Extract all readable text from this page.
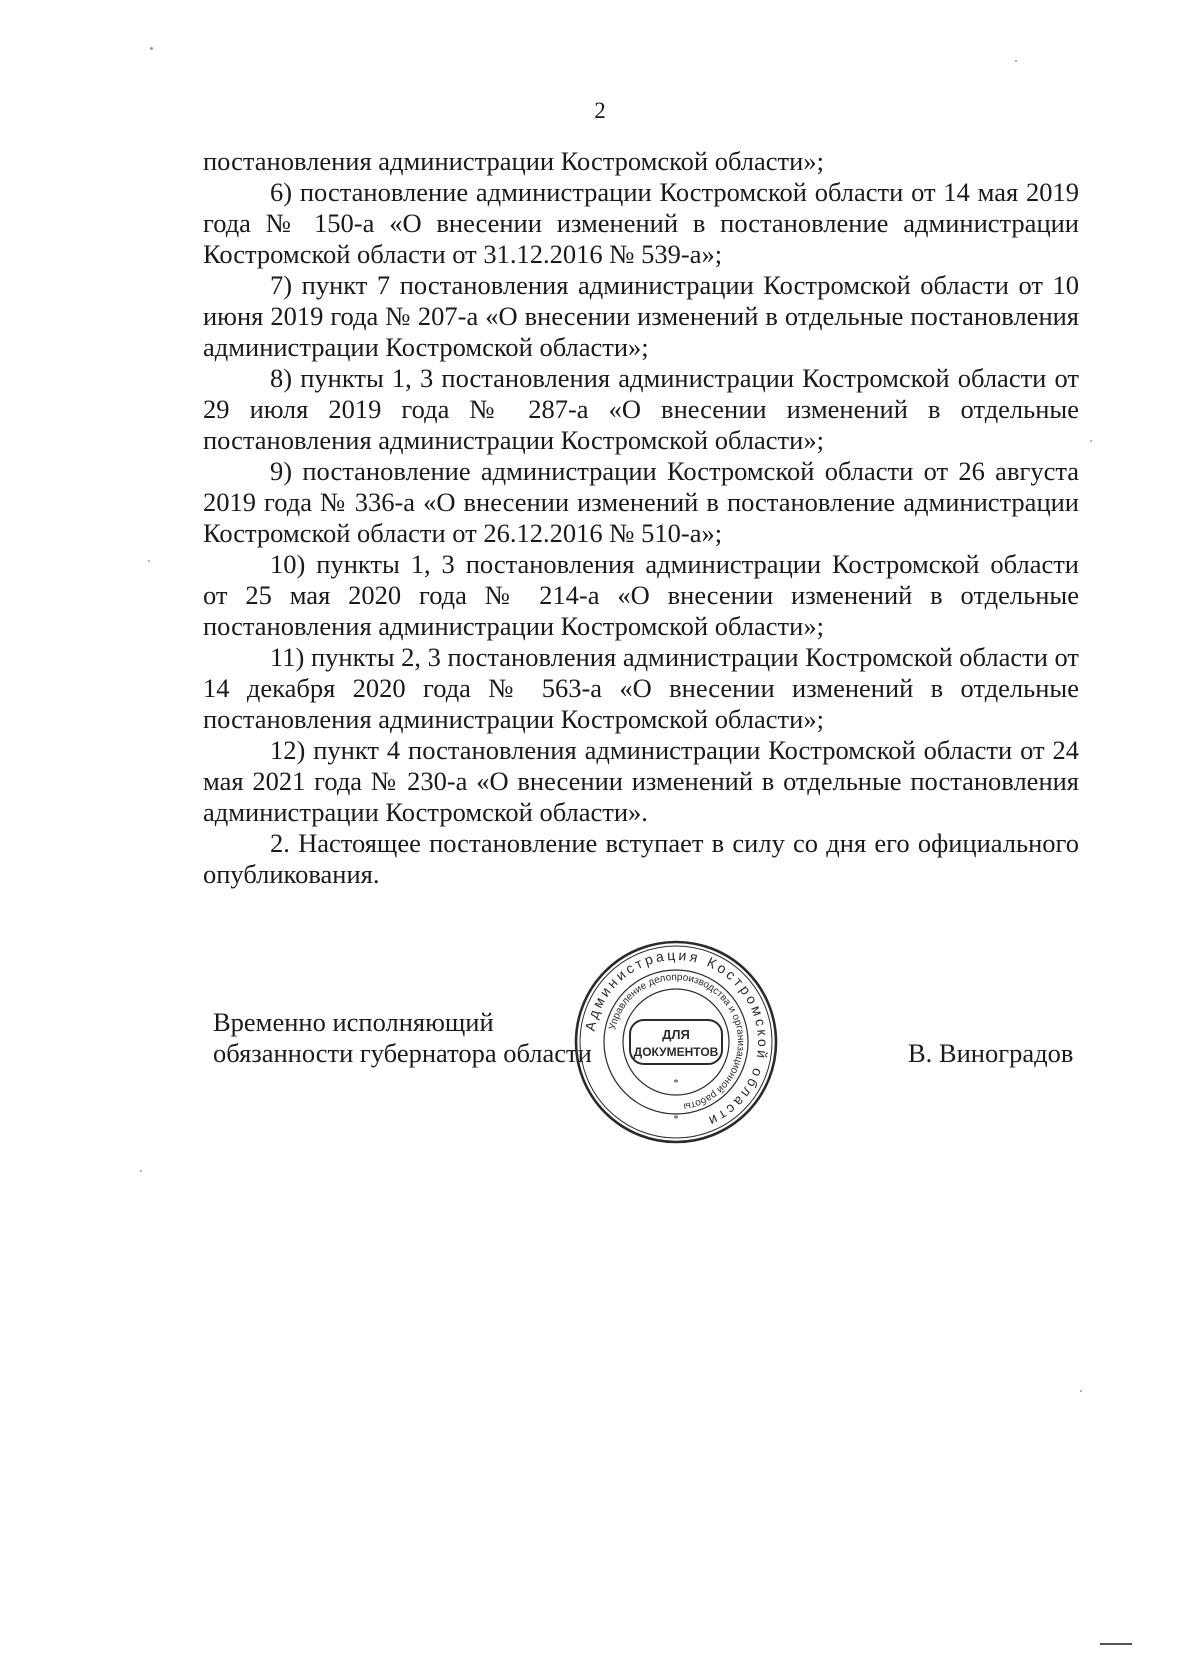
2

постановления администрации Костромской области»;

6) постановление администрации Костромской области от 14 мая 2019 года № 150-а «О внесении изменений в постановление администрации Костромской области от 31.12.2016 № 539-а»;

7) пункт 7 постановления администрации Костромской области от 10 июня 2019 года № 207-а «О внесении изменений в отдельные постановления администрации Костромской области»;

8) пункты 1, 3 постановления администрации Костромской области от 29 июля 2019 года № 287-а «О внесении изменений в отдельные постановления администрации Костромской области»;

9) постановление администрации Костромской области от 26 августа 2019 года № 336-а «О внесении изменений в постановление администрации Костромской области от 26.12.2016 № 510-а»;

10) пункты 1, 3 постановления администрации Костромской области от 25 мая 2020 года № 214-а «О внесении изменений в отдельные постановления администрации Костромской области»;

11) пункты 2, 3 постановления администрации Костромской области от 14 декабря 2020 года № 563-а «О внесении изменений в отдельные постановления администрации Костромской области»;

12) пункт 4 постановления администрации Костромской области от 24 мая 2021 года № 230-а «О внесении изменений в отдельные постановления администрации Костромской области».

2. Настоящее постановление вступает в силу со дня его официального опубликования.

Временно исполняющий
обязанности губернатора области	В. Виноградов
Администрация Костромской области
Управление делопроизводства и организационной работы
ДЛЯ
ДОКУМЕНТОВ
*
*
